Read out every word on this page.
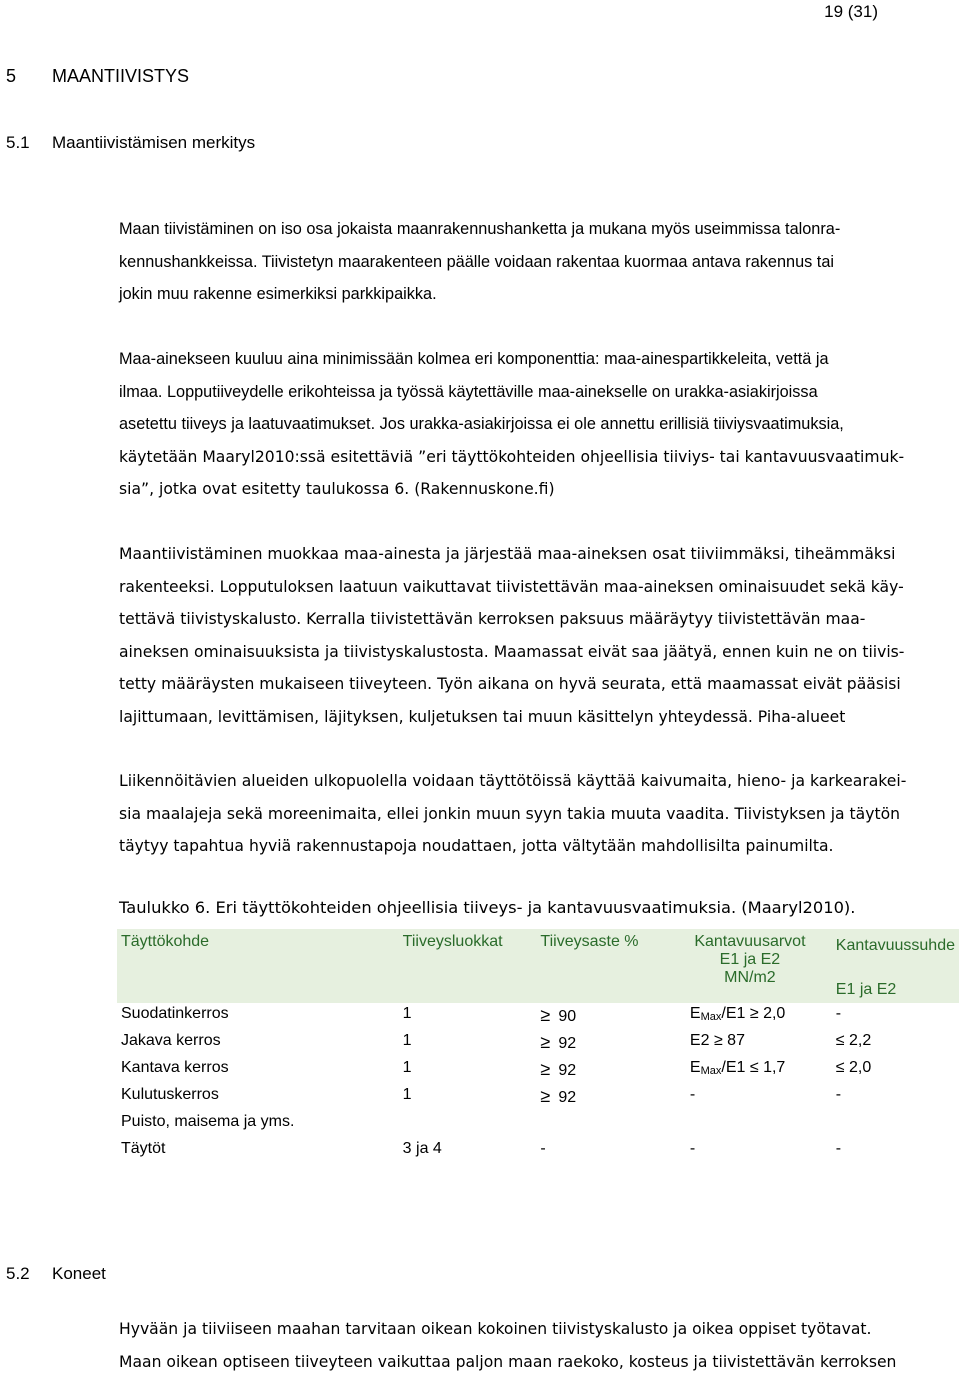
19 (31)
5 MAANTIIVISTYS
5.1 Maantiivistämisen merkitys
Maan tiivistäminen on iso osa jokaista maanrakennushanketta ja mukana myös useimmissa talonra-
kennushankkeissa. Tiivistetyn maarakenteen päälle voidaan rakentaa kuormaa antava rakennus tai
jokin muu rakenne esimerkiksi parkkipaikka.
Maa-ainekseen kuuluu aina minimissään kolmea eri komponenttia: maa-ainespartikkeleita, vettä ja
ilmaa. Lopputiiveydelle erikohteissa ja työssä käytettäville maa-ainekselle on urakka-asiakirjoissa
asetettu tiiveys ja laatuvaatimukset. Jos urakka-asiakirjoissa ei ole annettu erillisiä tiiviysvaatimuksia,
käytetään Maaryl2010:ssä esitettäviä ”eri täyttökohteiden ohjeellisia tiiviys- tai kantavuusvaatimuk-
sia”, jotka ovat esitetty taulukossa 6. (Rakennuskone.fi)
Maantiivistäminen muokkaa maa-ainesta ja järjestää maa-aineksen osat tiiviimmäksi, tiheämmäksi
rakenteeksi. Lopputuloksen laatuun vaikuttavat tiivistettävän maa-aineksen ominaisuudet sekä käy-
tettävä tiivistyskalusto. Kerralla tiivistettävän kerroksen paksuus määräytyy tiivistettävän maa-
aineksen ominaisuuksista ja tiivistyskalustosta. Maamassat eivät saa jäätyä, ennen kuin ne on tiivis-
tetty määräysten mukaiseen tiiveyteen. Työn aikana on hyvä seurata, että maamassat eivät pääsisi
lajittumaan, levittämisen, läjityksen, kuljetuksen tai muun käsittelyn yhteydessä. Piha-alueet
Liikennöitävien alueiden ulkopuolella voidaan täyttötöissä käyttää kaivumaita, hieno- ja karkearakei-
sia maalajeja sekä moreenimaita, ellei jonkin muun syyn takia muuta vaadita. Tiivistyksen ja täytön
täytyy tapahtua hyviä rakennustapoja noudattaen, jotta vältytään mahdollisilta painumilta.
Taulukko 6. Eri täyttökohteiden ohjeellisia tiiveys- ja kantavuusvaatimuksia. (Maaryl2010).
Täyttökohde	Tiiveysluokkat	Tiiveysaste %	Kantavuusarvot
E1 ja E2
MN/m2	Kantavuussuhde
E1 ja E2

Suodatinkerros	1	≥ 90	EMax/E1 ≥ 2,0	-
Jakava kerros	1	≥ 92	E2 ≥ 87	≤ 2,2
Kantava kerros	1	≥ 92	EMax/E1 ≤ 1,7	≤ 2,0
Kulutuskerros	1	≥ 92	-	-
Puisto, maisema ja yms.				
Täytöt	3 ja 4	-	-	-
5.2 Koneet
Hyvään ja tiiviiseen maahan tarvitaan oikean kokoinen tiivistyskalusto ja oikea oppiset työtavat.
Maan oikean optiseen tiiveyteen vaikuttaa paljon maan raekoko, kosteus ja tiivistettävän kerroksen
